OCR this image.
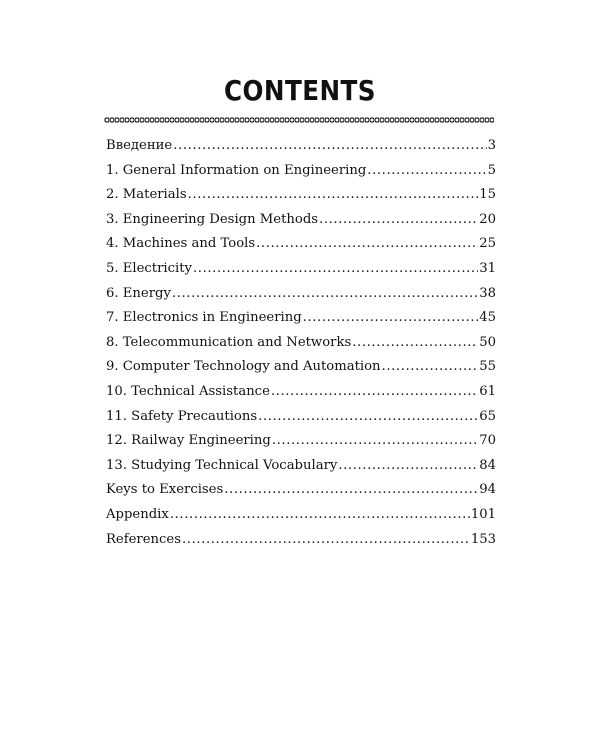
CONTENTS
Введение .....	3
1. General Information on Engineering .....	5
2. Materials .....	15
3. Engineering Design Methods .....	20
4. Machines and Tools .....	25
5. Electricity .....	31
6. Energy .....	38
7. Electronics in Engineering .....	45
8. Telecommunication and Networks .....	50
9. Computer Technology and Automation .....	55
10. Technical Assistance .....	61
11. Safety Precautions .....	65
12. Railway Engineering .....	70
13. Studying Technical Vocabulary .....	84
Keys to Exercises .....	94
Appendix .....	101
References .....	153
